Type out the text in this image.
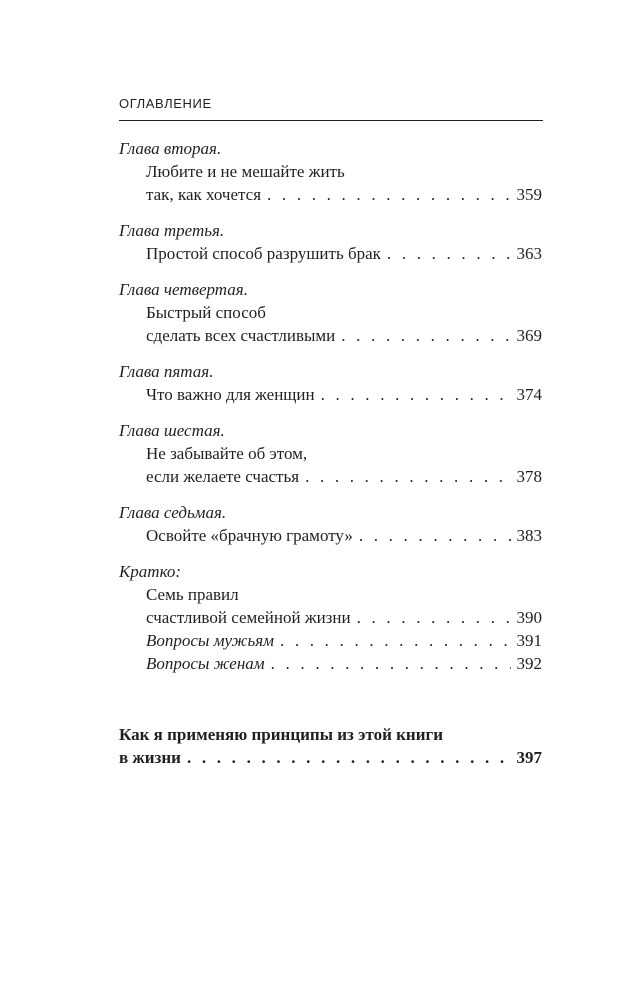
ОГЛАВЛЕНИЕ
Глава вторая.
Любите и не мешайте жить
так, как хочется . . .	359
Глава третья.
Простой способ разрушить брак . . .	363
Глава четвертая.
Быстрый способ
сделать всех счастливыми . . .	369
Глава пятая.
Что важно для женщин . . .	374
Глава шестая.
Не забывайте об этом,
если желаете счастья . . .	378
Глава седьмая.
Освойте «брачную грамоту» . . .	383
Кратко:
Семь правил
счастливой семейной жизни . . .	390
Вопросы мужьям . . .	391
Вопросы женам . . .	392
Как я применяю принципы из этой книги
в жизни . . .	397
